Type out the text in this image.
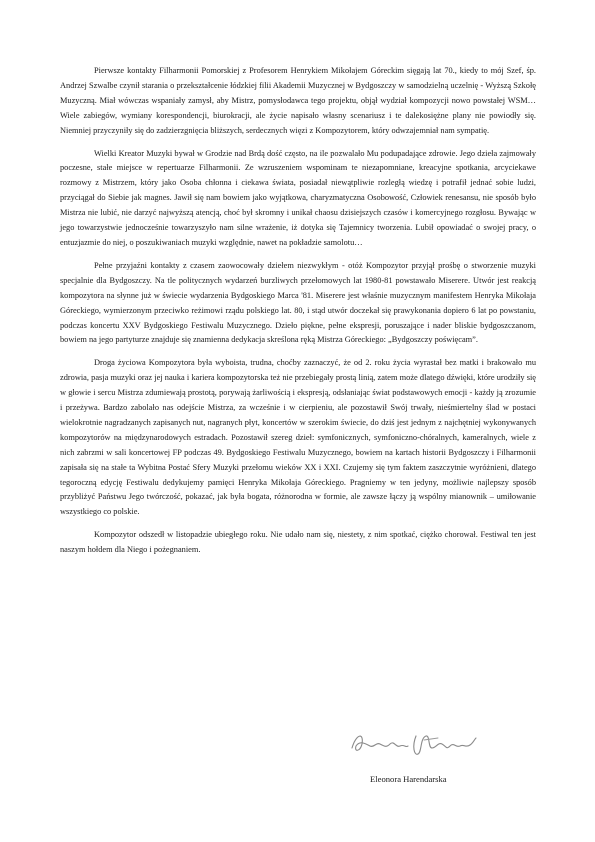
Pierwsze kontakty Filharmonii Pomorskiej z Profesorem Henrykiem Mikołajem Góreckim sięgają lat 70., kiedy to mój Szef, śp. Andrzej Szwalbe czynił starania o przekształcenie łódzkiej filii Akademii Muzycznej w Bydgoszczy w samodzielną uczelnię - Wyższą Szkołę Muzyczną. Miał wówczas wspaniały zamysł, aby Mistrz, pomysłodawca tego projektu, objął wydział kompozycji nowo powstałej WSM… Wiele zabiegów, wymiany korespondencji, biurokracji, ale życie napisało własny scenariusz i te dalekosiężne plany nie powiodły się. Niemniej przyczyniły się do zadzierzgnięcia bliższych, serdecznych więzi z Kompozytorem, który odwzajemniał nam sympatię.

Wielki Kreator Muzyki bywał w Grodzie nad Brdą dość często, na ile pozwalało Mu podupadające zdrowie. Jego dzieła zajmowały poczesne, stałe miejsce w repertuarze Filharmonii. Ze wzruszeniem wspominam te niezapomniane, kreacyjne spotkania, arcyciekawe rozmowy z Mistrzem, który jako Osoba chłonna i ciekawa świata, posiadał niewątpliwie rozległą wiedzę i potrafił jednać sobie ludzi, przyciągał do Siebie jak magnes. Jawił się nam bowiem jako wyjątkowa, charyzmatyczna Osobowość, Człowiek renesansu, nie sposób było Mistrza nie lubić, nie darzyć najwyższą atencją, choć był skromny i unikał chaosu dzisiejszych czasów i komercyjnego rozgłosu. Bywając w jego towarzystwie jednocześnie towarzyszyło nam silne wrażenie, iż dotyka się Tajemnicy tworzenia. Lubił opowiadać o swojej pracy, o entuzjazmie do niej, o poszukiwaniach muzyki względnie, nawet na pokładzie samolotu…

Pełne przyjaźni kontakty z czasem zaowocowały dziełem niezwykłym - otóż Kompozytor przyjął prośbę o stworzenie muzyki specjalnie dla Bydgoszczy. Na tle politycznych wydarzeń burzliwych przełomowych lat 1980-81 powstawało Miserere. Utwór jest reakcją kompozytora na słynne już w świecie wydarzenia Bydgoskiego Marca '81. Miserere jest właśnie muzycznym manifestem Henryka Mikołaja Góreckiego, wymierzonym przeciwko reżimowi rządu polskiego lat. 80, i stąd utwór doczekał się prawykonania dopiero 6 lat po powstaniu, podczas koncertu XXV Bydgoskiego Festiwalu Muzycznego. Dzieło piękne, pełne ekspresji, poruszające i nader bliskie bydgoszczanom, bowiem na jego partyturze znajduje się znamienna dedykacja skreślona ręką Mistrza Góreckiego: „Bydgoszczy poświęcam”.

Droga życiowa Kompozytora była wyboista, trudna, choćby zaznaczyć, że od 2. roku życia wyrastał bez matki i brakowało mu zdrowia, pasja muzyki oraz jej nauka i kariera kompozytorska też nie przebiegały prostą linią, zatem może dlatego dźwięki, które urodziły się w głowie i sercu Mistrza zdumiewają prostotą, porywają żarliwością i ekspresją, odsłaniając świat podstawowych emocji - każdy ją zrozumie i przeżywa. Bardzo zabolało nas odejście Mistrza, za wcześnie i w cierpieniu, ale pozostawił Swój trwały, nieśmiertelny ślad w postaci wielokrotnie nagradzanych zapisanych nut, nagranych płyt, koncertów w szerokim świecie, do dziś jest jednym z najchętniej wykonywanych kompozytorów na międzynarodowych estradach. Pozostawił szereg dzieł: symfonicznych, symfoniczno-chóralnych, kameralnych, wiele z nich zabrzmi w sali koncertowej FP podczas 49. Bydgoskiego Festiwalu Muzycznego, bowiem na kartach historii Bydgoszczy i Filharmonii zapisała się na stałe ta Wybitna Postać Sfery Muzyki przełomu wieków XX i XXI. Czujemy się tym faktem zaszczytnie wyróżnieni, dlatego tegoroczną edycję Festiwalu dedykujemy pamięci Henryka Mikołaja Góreckiego. Pragniemy w ten jedyny, możliwie najlepszy sposób przybliżyć Państwu Jego twórczość, pokazać, jak była bogata, różnorodna w formie, ale zawsze łączy ją wspólny mianownik – umiłowanie wszystkiego co polskie.

Kompozytor odszedł w listopadzie ubiegłego roku. Nie udało nam się, niestety, z nim spotkać, ciężko chorował. Festiwal ten jest naszym hołdem dla Niego i pożegnaniem.

Eleonora Harendarska
